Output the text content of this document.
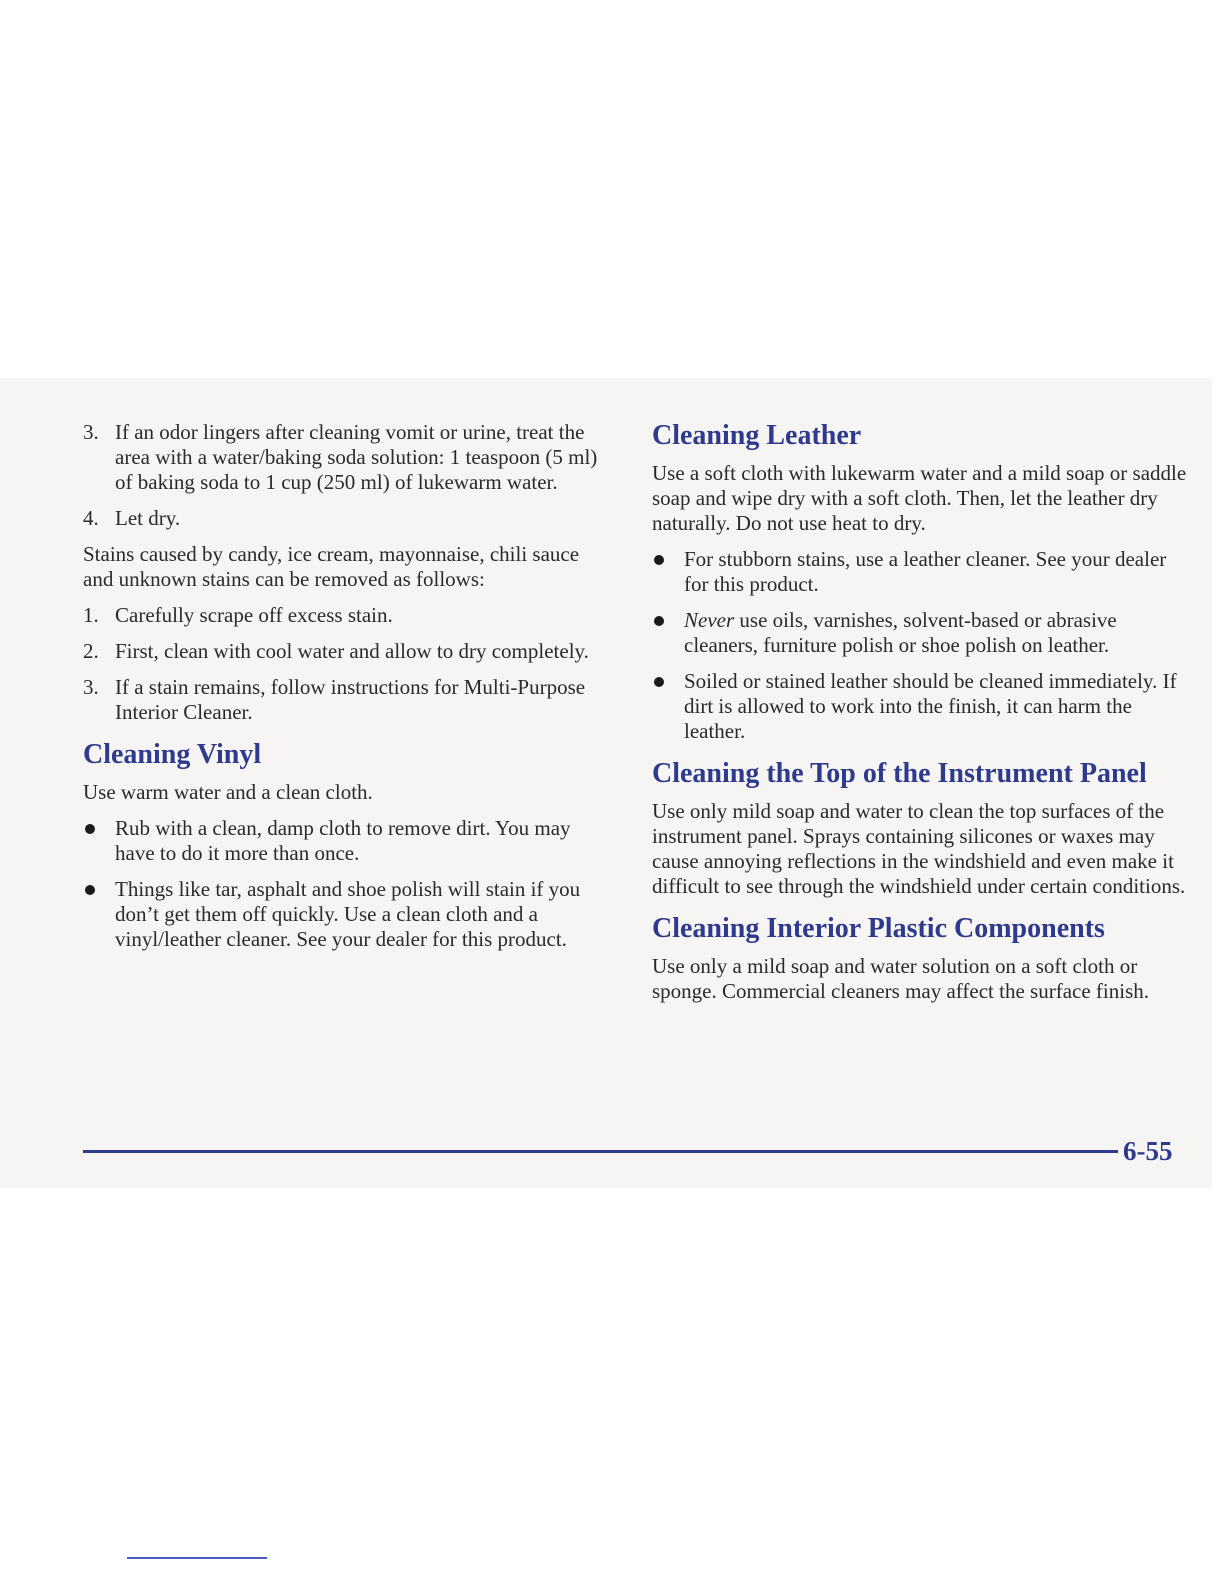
3. If an odor lingers after cleaning vomit or urine, treat the area with a water/baking soda solution: 1 teaspoon (5 ml) of baking soda to 1 cup (250 ml) of lukewarm water.
4. Let dry.

Stains caused by candy, ice cream, mayonnaise, chili sauce and unknown stains can be removed as follows:

1. Carefully scrape off excess stain.
2. First, clean with cool water and allow to dry completely.
3. If a stain remains, follow instructions for Multi-Purpose Interior Cleaner.
Cleaning Vinyl

Use warm water and a clean cloth.

Rub with a clean, damp cloth to remove dirt. You may have to do it more than once.
Things like tar, asphalt and shoe polish will stain if you don’t get them off quickly. Use a clean cloth and a vinyl/leather cleaner. See your dealer for this product.
Cleaning Leather

Use a soft cloth with lukewarm water and a mild soap or saddle soap and wipe dry with a soft cloth. Then, let the leather dry naturally. Do not use heat to dry.

For stubborn stains, use a leather cleaner. See your dealer for this product.
Never use oils, varnishes, solvent-based or abrasive cleaners, furniture polish or shoe polish on leather.
Soiled or stained leather should be cleaned immediately. If dirt is allowed to work into the finish, it can harm the leather.
Cleaning the Top of the Instrument Panel

Use only mild soap and water to clean the top surfaces of the instrument panel. Sprays containing silicones or waxes may cause annoying reflections in the windshield and even make it difficult to see through the windshield under certain conditions.

Cleaning Interior Plastic Components

Use only a mild soap and water solution on a soft cloth or sponge. Commercial cleaners may affect the surface finish.

6-55
